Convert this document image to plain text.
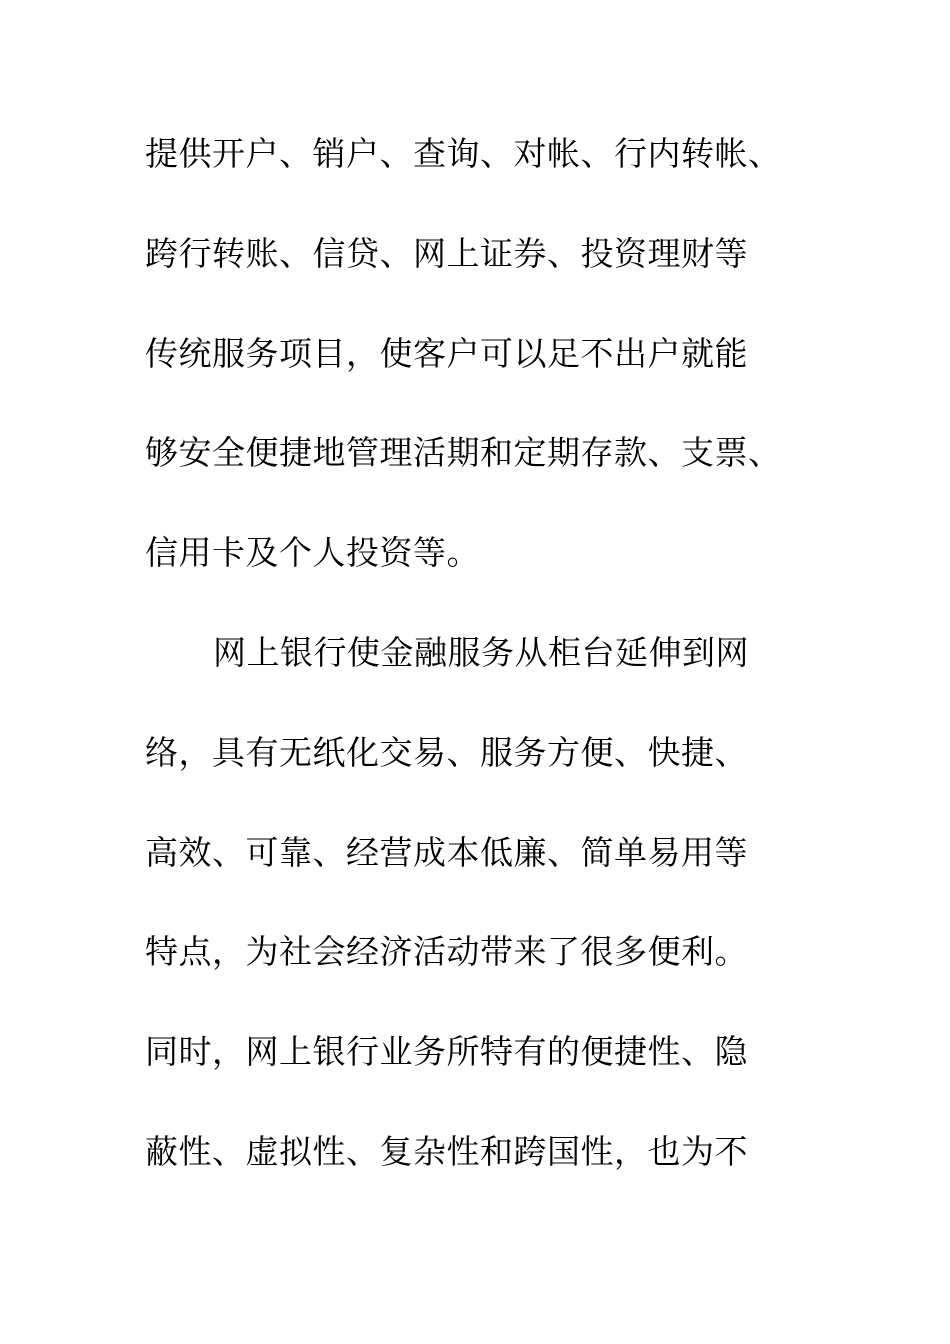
提供开户、销户、查询、对帐、行内转帐、
跨行转账、信贷、网上证券、投资理财等
传统服务项目，使客户可以足不出户就能
够安全便捷地管理活期和定期存款、支票、
信用卡及个人投资等。
网上银行使金融服务从柜台延伸到网
络，具有无纸化交易、服务方便、快捷、
高效、可靠、经营成本低廉、简单易用等
特点，为社会经济活动带来了很多便利。
同时，网上银行业务所特有的便捷性、隐
蔽性、虚拟性、复杂性和跨国性，也为不
